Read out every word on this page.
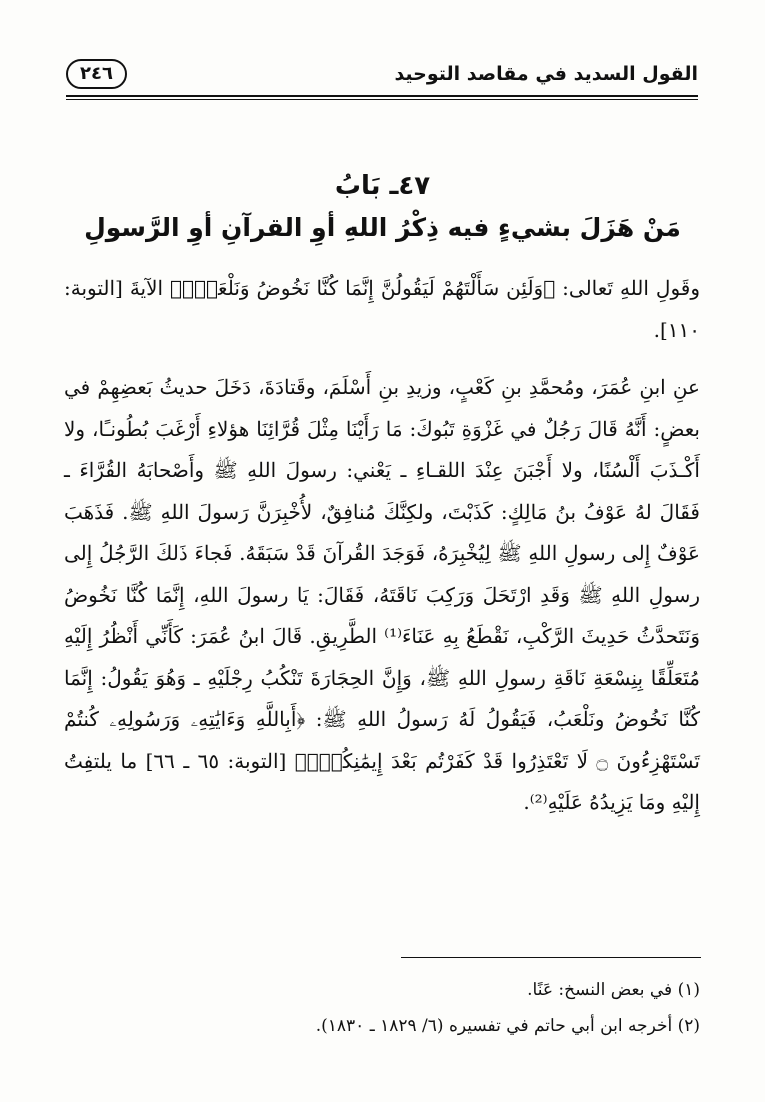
القول السديد في مقاصد التوحيد
٢٤٦
٤٧ـ بَابُ
مَنْ هَزَلَ بشيءٍ فيه ذِكْرُ اللهِ أوِ القرآنِ أوِ الرَّسولِ

وقَولِ اللهِ تَعالى: ﴿وَلَئِن سَأَلْتَهُمْ لَيَقُولُنَّ إِنَّمَا كُنَّا نَخُوضُ وَنَلْعَبُۚ﴾ الآيةَ [التوبة: ١١٠].

عنِ ابنِ عُمَرَ، ومُحمَّدِ بنِ كَعْبٍ، وزيدِ بنِ أَسْلَمَ، وقَتادَةَ، دَخَلَ حديثُ بَعضِهِمْ في بعضٍ: أَنَّهُ قَالَ رَجُلٌ في غَزْوَةِ تَبُوكَ: مَا رَأَيْنَا مِثْلَ قُرَّائِنَا هؤلاءِ أَرْغَبَ بُطُونـًا، ولا أَكْـذَبَ أَلْسُنًا، ولا أَجْبَنَ عِنْدَ اللقـاءِ ـ يَعْني: رسولَ اللهِ ﷺ وأَصْحابَهُ القُرَّاءَ ـ فَقَالَ لهُ عَوْفُ بنُ مَالِكٍ: كَذَبْتَ، ولكِنَّكَ مُنافِقٌ، لأُخْبِرَنَّ رَسولَ اللهِ ﷺ. فَذَهَبَ عَوْفٌ إِلى رسولِ اللهِ ﷺ لِيُخْبِرَهُ، فَوَجَدَ القُرآنَ قَدْ سَبَقَهُ. فَجاءَ ذَلكَ الرَّجُلُ إِلى رسولِ اللهِ ﷺ وَقَدِ ارْتَحَلَ وَرَكِبَ نَاقَتَهُ، فَقَالَ: يَا رسولَ اللهِ، إِنَّمَا كُنَّا نَخُوضُ وَنَتَحدَّثُ حَدِيثَ الرَّكْبِ، نَقْطَعُ بِهِ عَنَاءَ⁽¹⁾ الطَّرِيقِ. قَالَ ابنُ عُمَرَ: كَأَنِّي أَنْظُرُ إِلَيْهِ مُتَعَلِّقًا بِنِسْعَةِ نَاقَةِ رسولِ اللهِ ﷺ، وَإِنَّ الحِجَارَةَ تَنْكُبُ رِجْلَيْهِ ـ وَهُوَ يَقُولُ: إِنَّمَا كُنَّا نَخُوضُ ونَلْعَبُ، فَيَقُولُ لَهُ رَسولُ اللهِ ﷺ: ﴿أَبِاللَّهِ وَءَايَٰتِهِۦ وَرَسُولِهِۦ كُنتُمْ تَسْتَهْزِءُونَ ۝ لَا تَعْتَذِرُوا قَدْ كَفَرْتُم بَعْدَ إِيمَٰنِكُمْۚ﴾ [التوبة: ٦٥ ـ ٦٦] ما يلتفِتُ إِليْهِ ومَا يَزِيدُهُ عَلَيْهِ⁽²⁾.

(١) في بعض النسخ: عَنًا.
(٢) أخرجه ابن أبي حاتم في تفسيره (٦/ ١٨٢٩ ـ ١٨٣٠).
